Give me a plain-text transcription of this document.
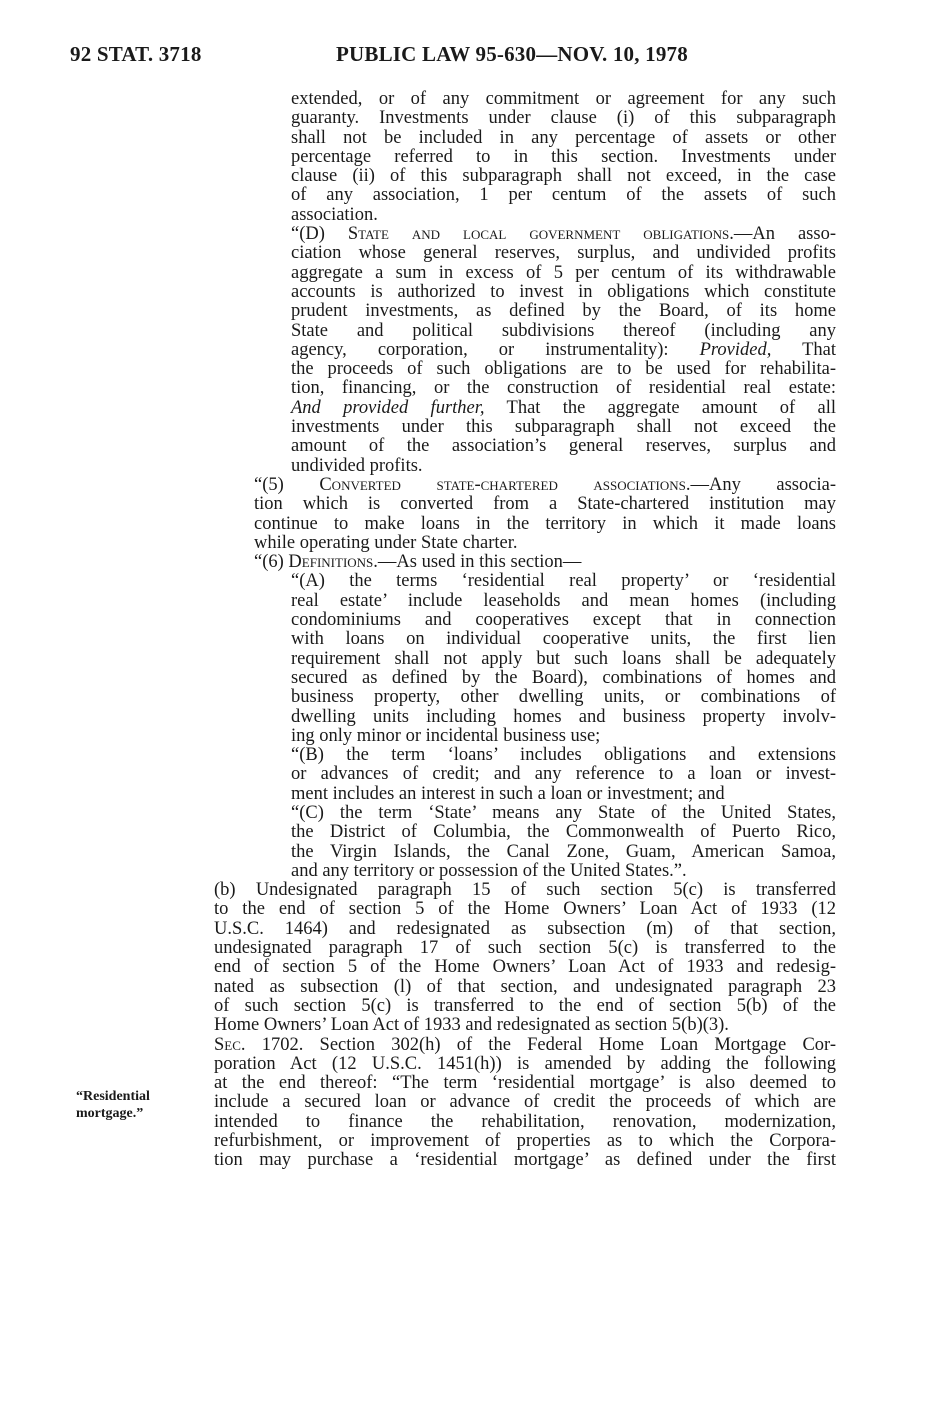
92 STAT. 3718	PUBLIC LAW 95-630—NOV. 10, 1978
“Residential
mortgage.”
extended, or of any commitment or agreement for any such
guaranty. Investments under clause (i) of this subparagraph
shall not be included in any percentage of assets or other
percentage referred to in this section. Investments under
clause (ii) of this subparagraph shall not exceed, in the case
of any association, 1 per centum of the assets of such
association.
“(D) State and local government obligations.—An asso-
ciation whose general reserves, surplus, and undivided profits
aggregate a sum in excess of 5 per centum of its withdrawable
accounts is authorized to invest in obligations which constitute
prudent investments, as defined by the Board, of its home
State and political subdivisions thereof (including any
agency, corporation, or instrumentality): Provided, That
the proceeds of such obligations are to be used for rehabilita-
tion, financing, or the construction of residential real estate:
And provided further, That the aggregate amount of all
investments under this subparagraph shall not exceed the
amount of the association’s general reserves, surplus and
undivided profits.
“(5) Converted state-chartered associations.—Any associa-
tion which is converted from a State-chartered institution may
continue to make loans in the territory in which it made loans
while operating under State charter.
“(6) Definitions.—As used in this section—
“(A) the terms ‘residential real property’ or ‘residential
real estate’ include leaseholds and mean homes (including
condominiums and cooperatives except that in connection
with loans on individual cooperative units, the first lien
requirement shall not apply but such loans shall be adequately
secured as defined by the Board), combinations of homes and
business property, other dwelling units, or combinations of
dwelling units including homes and business property involv-
ing only minor or incidental business use;
“(B) the term ‘loans’ includes obligations and extensions
or advances of credit; and any reference to a loan or invest-
ment includes an interest in such a loan or investment; and
“(C) the term ‘State’ means any State of the United States,
the District of Columbia, the Commonwealth of Puerto Rico,
the Virgin Islands, the Canal Zone, Guam, American Samoa,
and any territory or possession of the United States.”.
(b) Undesignated paragraph 15 of such section 5(c) is transferred
to the end of section 5 of the Home Owners’ Loan Act of 1933 (12
U.S.C. 1464) and redesignated as subsection (m) of that section,
undesignated paragraph 17 of such section 5(c) is transferred to the
end of section 5 of the Home Owners’ Loan Act of 1933 and redesig-
nated as subsection (l) of that section, and undesignated paragraph 23
of such section 5(c) is transferred to the end of section 5(b) of the
Home Owners’ Loan Act of 1933 and redesignated as section 5(b)(3).
Sec. 1702. Section 302(h) of the Federal Home Loan Mortgage Cor-
poration Act (12 U.S.C. 1451(h)) is amended by adding the following
at the end thereof: “The term ‘residential mortgage’ is also deemed to
include a secured loan or advance of credit the proceeds of which are
intended to finance the rehabilitation, renovation, modernization,
refurbishment, or improvement of properties as to which the Corpora-
tion may purchase a ‘residential mortgage’ as defined under the first
